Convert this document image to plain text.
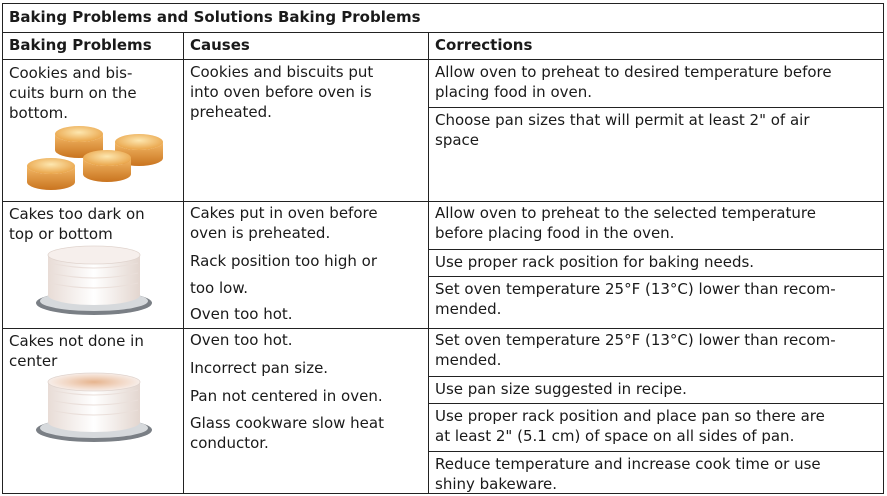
Baking Problems and Solutions Baking Problems
Baking Problems	Causes	Corrections
Cookies and bis-
cuits burn on the
bottom.
Cookies and biscuits put
into oven before oven is
preheated.
Allow oven to preheat to desired temperature before
placing food in oven.
Choose pan sizes that will permit at least 2" of air
space
Cakes too dark on
top or bottom
Cakes put in oven before
oven is preheated.
Rack position too high or
too low.
Oven too hot.
Allow oven to preheat to the selected temperature
before placing food in the oven.
Use proper rack position for baking needs.
Set oven temperature 25°F (13°C) lower than recom-
mended.
Cakes not done in
center
Oven too hot.
Incorrect pan size.
Pan not centered in oven.
Glass cookware slow heat
conductor.
Set oven temperature 25°F (13°C) lower than recom-
mended.
Use pan size suggested in recipe.
Use proper rack position and place pan so there are
at least 2" (5.1 cm) of space on all sides of pan.
Reduce temperature and increase cook time or use
shiny bakeware.
